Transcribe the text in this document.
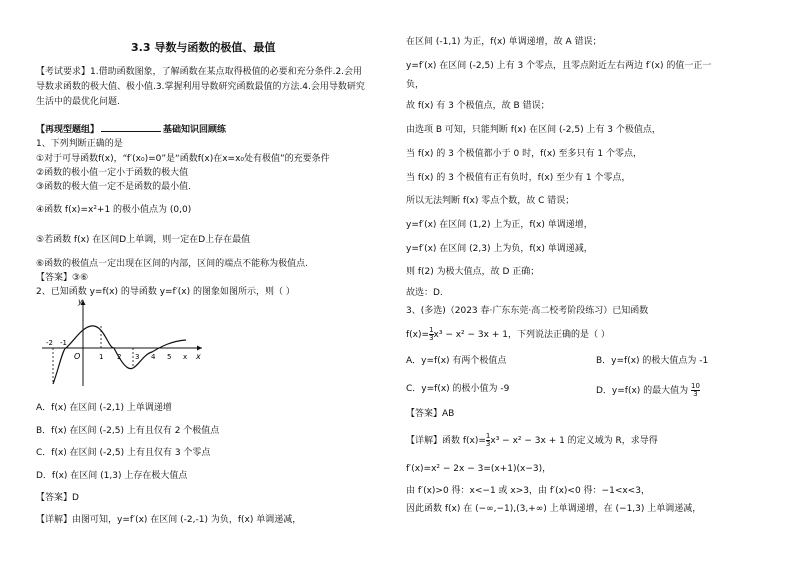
3.3 导数与函数的极值、最值
【考试要求】1.借助函数图象，了解函数在某点取得极值的必要和充分条件.2.会用
导数求函数的极大值、极小值.3.掌握利用导数研究函数最值的方法.4.会用导数研究
生活中的最优化问题.
【再现型题组】	基础知识回顾练
1、下列判断正确的是
①对于可导函数f(x)，“f′(x₀)=0”是“函数f(x)在x=x₀处有极值”的充要条件
②函数的极小值一定小于函数的极大值
③函数的极大值一定不是函数的最小值.
④函数 f(x)=x²+1 的极小值点为 (0,0)
⑤若函数 f(x) 在区间D上单调，则一定在D上存在最值
⑥函数的极值点一定出现在区间的内部，区间的端点不能称为极值点.
【答案】③⑥
2、已知函数 y=f(x) 的导函数 y=f′(x) 的图象如图所示，则（ ）
y
x
O
-2 -1
1 2 3 4 5 x
A．f(x) 在区间 (-2,1) 上单调递增
B．f(x) 在区间 (-2,5) 上有且仅有 2 个极值点
C．f(x) 在区间 (-2,5) 上有且仅有 3 个零点
D．f(x) 在区间 (1,3) 上存在极大值点
【答案】D
【详解】由图可知，y=f′(x) 在区间 (-2,-1) 为负，f(x) 单调递减，
在区间 (-1,1) 为正，f(x) 单调递增，故 A 错误；
y=f′(x) 在区间 (-2,5) 上有 3 个零点，且零点附近左右两边 f′(x) 的值一正一
负，
故 f(x) 有 3 个极值点，故 B 错误；
由选项 B 可知，只能判断 f(x) 在区间 (-2,5) 上有 3 个极值点，
当 f(x) 的 3 个极值都小于 0 时，f(x) 至多只有 1 个零点，
当 f(x) 的 3 个极值有正有负时，f(x) 至少有 1 个零点，
所以无法判断 f(x) 零点个数，故 C 错误；
y=f′(x) 在区间 (1,2) 上为正，f(x) 单调递增，
y=f′(x) 在区间 (2,3) 上为负，f(x) 单调递减，
则 f(2) 为极大值点，故 D 正确；
故选：D.
3、(多选)（2023 春·广东东莞·高二校考阶段练习）已知函数
$f(x)= \frac{1}{3} x^3 - x^2 - 3x + 1$，下列说法正确的是（ ）
A．y=f(x) 有两个极值点	B．y=f(x) 的极大值点为 -1
C．y=f(x) 的极小值为 -9	D．y=f(x) 的最大值为 $\frac{10}{3}$
【答案】AB
【详解】函数 $f(x)= \frac{1}{3} x^3 - x^2 - 3x + 1$ 的定义域为 R，求导得
f′(x)=x² − 2x − 3=(x+1)(x−3)，
由 f′(x)>0 得：x<−1 或 x>3，由 f′(x)<0 得：−1<x<3，
因此函数 f(x) 在 (−∞,−1),(3,+∞) 上单调递增，在 (−1,3) 上单调递减，
